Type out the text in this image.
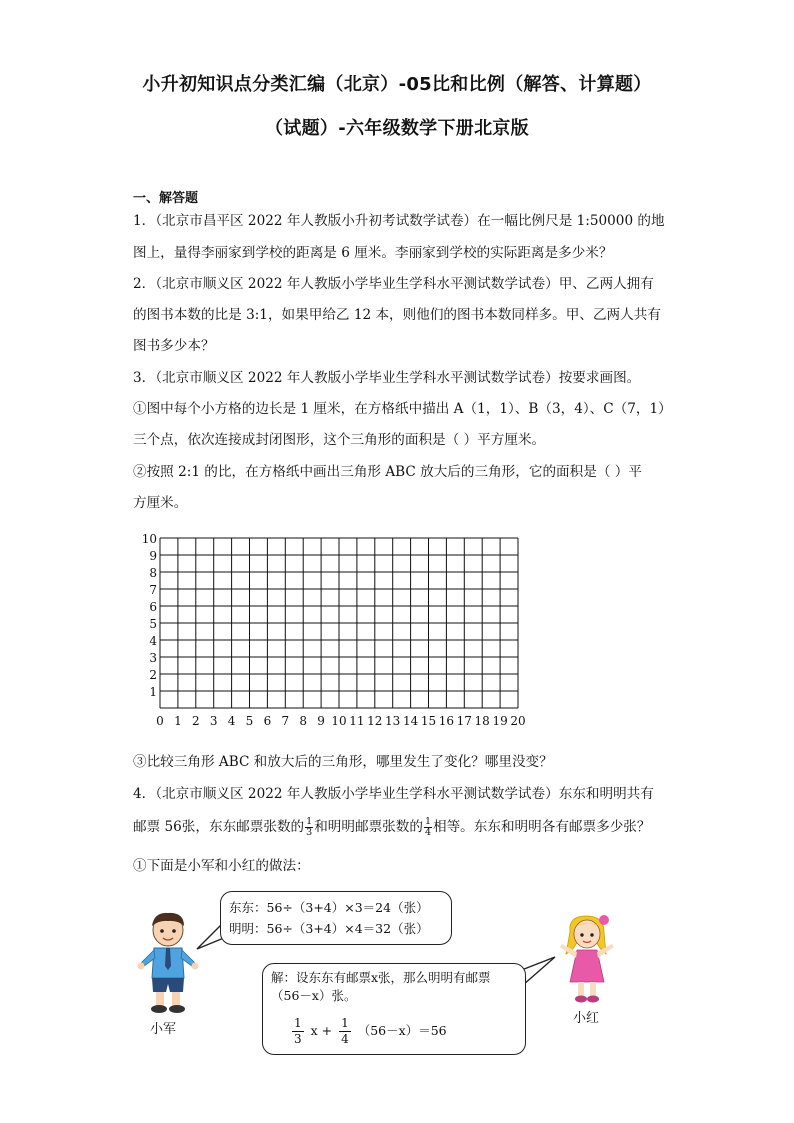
小升初知识点分类汇编（北京）-05比和比例（解答、计算题）
（试题）-六年级数学下册北京版
一、解答题
1．（北京市昌平区 2022 年人教版小升初考试数学试卷）在一幅比例尺是 1:50000 的地
图上，量得李丽家到学校的距离是 6 厘米。李丽家到学校的实际距离是多少米？
2．（北京市顺义区 2022 年人教版小学毕业生学科水平测试数学试卷）甲、乙两人拥有
的图书本数的比是 3:1，如果甲给乙 12 本，则他们的图书本数同样多。甲、乙两人共有
图书多少本？
3．（北京市顺义区 2022 年人教版小学毕业生学科水平测试数学试卷）按要求画图。
①图中每个小方格的边长是 1 厘米，在方格纸中描出 A（1，1）、B（3，4）、C（7，1）
三个点，依次连接成封闭图形，这个三角形的面积是（ ）平方厘米。
②按照 2:1 的比，在方格纸中画出三角形 ABC 放大后的三角形，它的面积是（ ）平
方厘米。
1
2
3
4
5
6
7
8
9
10
0 1 2 3 4 5 6 7 8 9 10 11 12 13 14 15 16 17 18 19 20
③比较三角形 ABC 和放大后的三角形，哪里发生了变化？哪里没变？
4．（北京市顺义区 2022 年人教版小学毕业生学科水平测试数学试卷）东东和明明共有
邮票 56张，东东邮票张数的 $\frac{1}{3}$ 和明明邮票张数的 $\frac{1}{4}$ 相等。东东和明明各有邮票多少张？
①下面是小军和小红的做法：
小军
东东：56÷（3+4）×3＝24（张）
明明：56÷（3+4）×4＝32（张）
解：设东东有邮票x张，那么明明有邮票
（56－x）张。
$\frac{1}{3}$ $x + \frac{1}{4} (56-x)=56$
小红
